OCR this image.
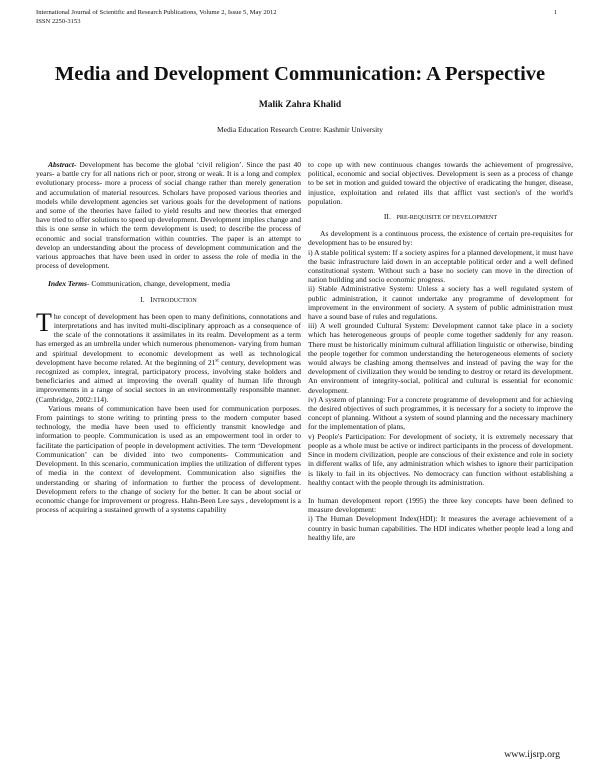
International Journal of Scientific and Research Publications, Volume 2, Issue 5, May 2012
ISSN 2250-3153
1
Media and Development Communication: A Perspective
Malik Zahra Khalid
Media Education Research Centre: Kashmir University

Abstract- Development has become the global ‘civil religion’. Since the past 40 years- a battle cry for all nations rich or poor, strong or weak. It is a long and complex evolutionary process- more a process of social change rather than merely generation and accumulation of material resources. Scholars have proposed various theories and models while development agencies set various goals for the development of nations and some of the theories have failed to yield results and new theories that emerged have tried to offer solutions to speed up development. Development implies change and this is one sense in which the term development is used; to describe the process of economic and social transformation within countries. The paper is an attempt to develop an understanding about the process of development communication and the various approaches that have been used in order to assess the role of media in the process of development.

Index Terms- Communication, change, development, media

I. INTRODUCTION

The concept of development has been open to many definitions, connotations and interpretations and has invited multi-disciplinary approach as a consequence of the scale of the connotations it assimilates in its realm. Development as a term has emerged as an umbrella under which numerous phenomenon- varying from human and spiritual development to economic development as well as technological development have become related. At the beginning of 21st century, development was recognized as complex, integral, participatory process, involving stake holders and beneficiaries and aimed at improving the overall quality of human life through improvements in a range of social sectors in an environmentally responsible manner. (Cambridge, 2002:114).

Various means of communication have been used for communication purposes. From paintings to stone writing to printing press to the modern computer based technology, the media have been used to efficiently transmit knowledge and information to people. Communication is used as an empowerment tool in order to facilitate the participation of people in development activities. The term ‘Development Communication’ can be divided into two components- Communication and Development. In this scenario, communication implies the utilization of different types of media in the context of development. Communication also signifies the understanding or sharing of information to further the process of development. Development refers to the change of society for the better. It can be about social or economic change for improvement or progress. Hahn-Been Lee says , development is a process of acquiring a sustained growth of a systems capability

to cope up with new continuous changes towards the achievement of progressive, political, economic and social objectives. Development is seen as a process of change to be set in motion and guided toward the objective of eradicating the hunger, disease, injustice, exploitation and related ills that afflict vast section's of the world's population.

II. PRE-REQUISITE OF DEVELOPMENT

As development is a continuous process, the existence of certain pre-requisites for development has to be ensured by:

i) A stable political system: If a society aspires for a planned development, it must have the basic infrastructure laid down in an acceptable political order and a well defined constitutional system. Without such a base no society can move in the direction of nation building and socio economic progress.

ii) Stable Administrative System: Unless a society has a well regulated system of public administration, it cannot undertake any programme of development for improvement in the environment of society. A system of public administration must have a sound base of rules and regulations.

iii) A well grounded Cultural System: Development cannot take place in a society which has heterogeneous groups of people come together saddenly for any reason. There must be historically minimum cultural affiliation linguistic or otherwise, binding the people together for common understanding the heterogeneous elements of society would always be clashing among themselves and instead of paving the way for the development of civilization they would be tending to destroy or retard its development. An environment of integrity-social, political and cultural is essential for economic development.

iv) A system of planning: For a concrete programme of development and for achieving the desired objectives of such programmes, it is necessary for a society to improve the concept of planning. Without a system of sound planning and the necessary machinery for the implementation of plans,

v) People's Participation: For development of society, it is extremely necessary that people as a whole must be active or indirect participants in the process of development. Since in modern civilization, people are conscious of their existence and role in society in different walks of life, any administration which wishes to ignore their participation is likely to fail in its objectives. No democracy can function without establishing a healthy contact with the people through its administration.

In human development report (1995) the three key concepts have been defined to measure development:

i) The Human Development Index(HDI): It measures the average achievement of a country in basic human capabilities. The HDI indicates whether people lead a long and healthy life, are

www.ijsrp.org
